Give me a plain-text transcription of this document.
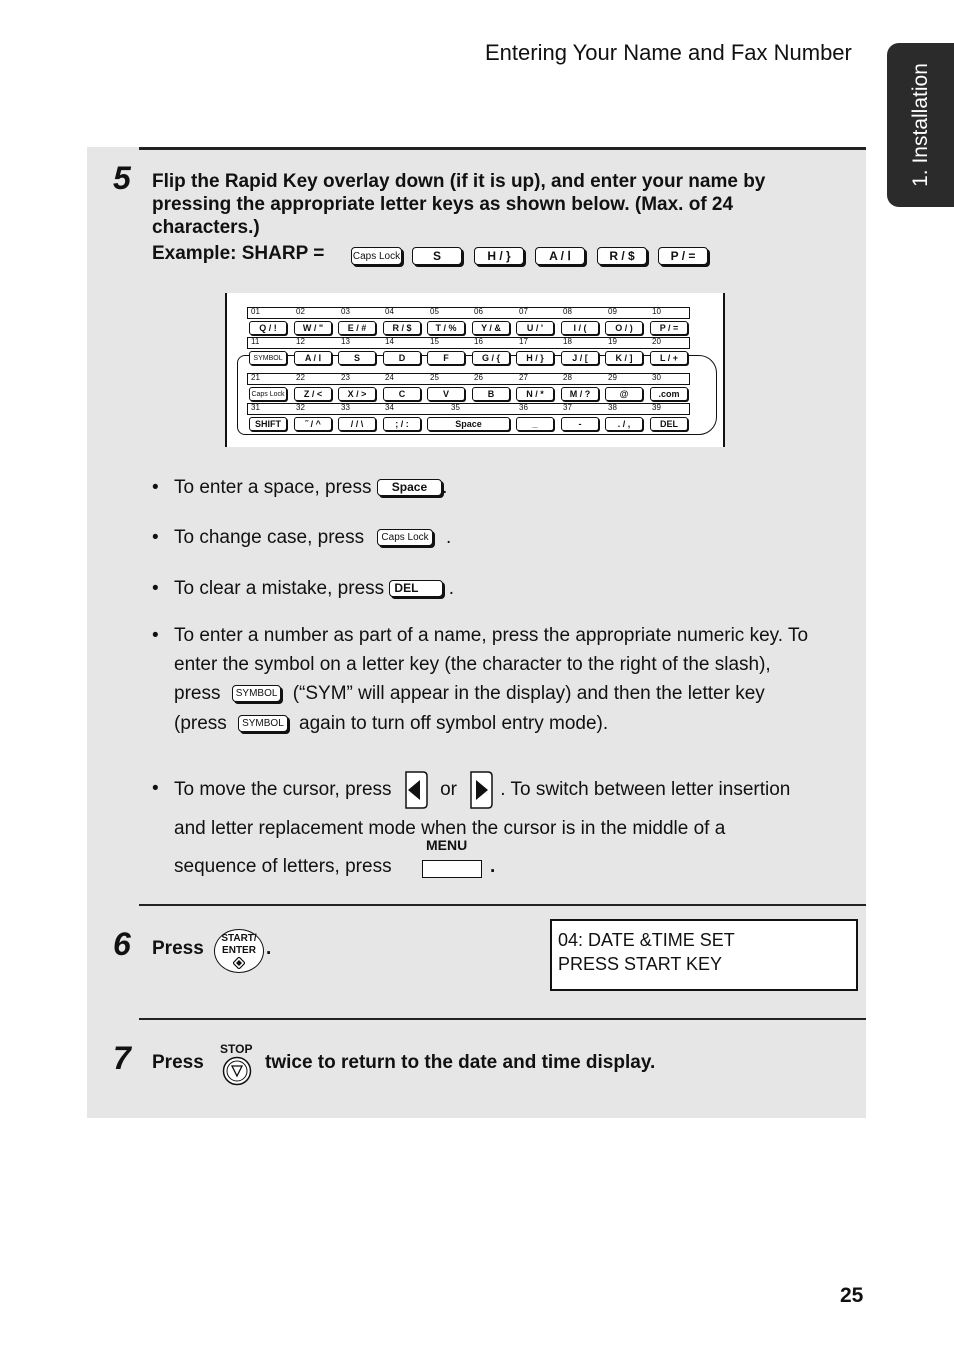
Entering Your Name and Fax Number
1. Installation
5 Flip the Rapid Key overlay down (if it is up), and enter your name by pressing the appropriate letter keys as shown below. (Max. of 24 characters.)
Example: SHARP =	Caps Lock	S	H / }	A / Ⅰ	R / $	P / =
01	02	03	04	05	06	07	08	09	10
Q / !	W / "	E / #	R / $	T / %	Y / &	U / '	I / (	O / )	P / =
11	12	13	14	15	16	17	18	19	20
SYMBOL	A / Ⅰ	S	D	F	G / {	H / }	J / [	K / ]	L / +
21	22	23	24	25	26	27	28	29	30
Caps Lock	Z / <	X / >	C	V	B	N / *	M / ?	@	.com
31	32	33	34	35	36	37	38	39
SHIFT	˜ / ^	/ / \	; / :	Space	_	-	. / ,	DEL
• To enter a space, press Space .
• To change case, press Caps Lock .
• To clear a mistake, press DEL .
• To enter a number as part of a name, press the appropriate numeric key. To
enter the symbol on a letter key (the character to the right of the slash),
press SYMBOL (“SYM” will appear in the display) and then the letter key
(press SYMBOL again to turn off symbol entry mode).
• To move the cursor, press	or . To switch between letter insertion
and letter replacement mode when the cursor is in the middle of a
sequence of letters, press
MENU
.
6 Press	START/
ENTER .	04: DATE &TIME SET
PRESS START KEY
7 Press
STOP
twice to return to the date and time display.
25
